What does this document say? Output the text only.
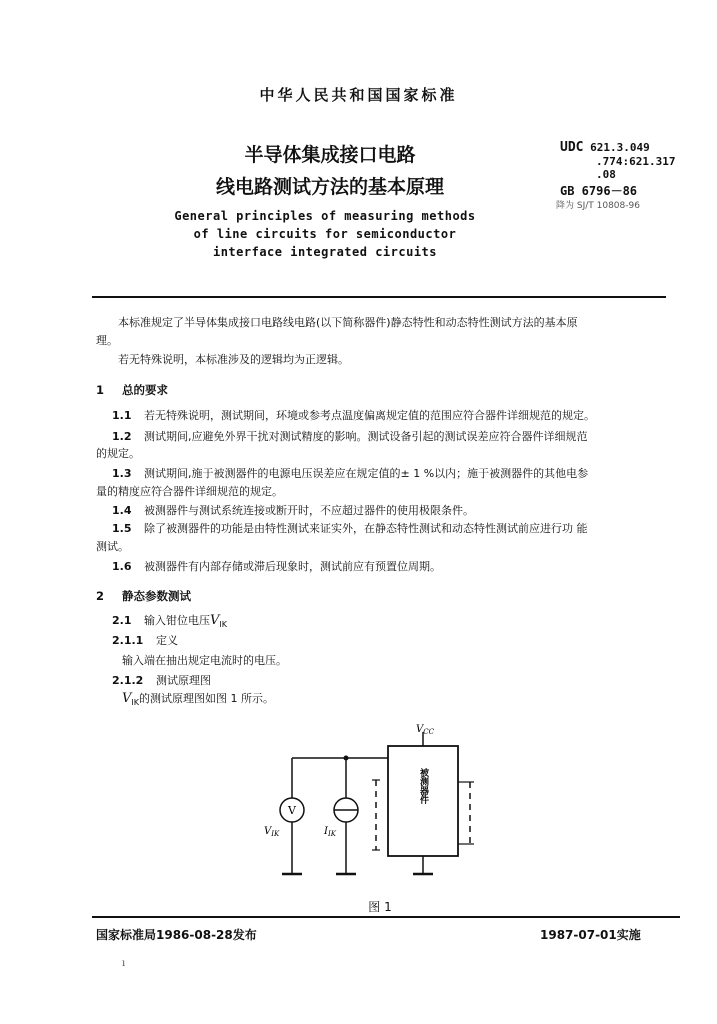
中华人民共和国国家标准
半导体集成接口电路
线电路测试方法的基本原理
General principles of measuring methods
of line circuits for semiconductor
interface integrated circuits
UDC 621.3.049
.774:621.317
.08
GB 6796－86
降为 SJ/T 10808-96
本标准规定了半导体集成接口电路线电路(以下简称器件)静态特性和动态特性测试方法的基本原
理。
若无特殊说明，本标准涉及的逻辑均为正逻辑。
1 总的要求
1.1 若无特殊说明，测试期间，环境或参考点温度偏离规定值的范围应符合器件详细规范的规定。
1.2 测试期间,应避免外界干扰对测试精度的影响。测试设备引起的测试误差应符合器件详细规范
的规定。
1.3 测试期间,施于被测器件的电源电压误差应在规定值的± 1 %以内；施于被测器件的其他电参
量的精度应符合器件详细规范的规定。
1.4 被测器件与测试系统连接或断开时，不应超过器件的使用极限条件。
1.5 除了被测器件的功能是由特性测试来证实外，在静态特性测试和动态特性测试前应进行功 能
测试。
1.6 被测器件有内部存储或滞后现象时，测试前应有预置位周期。
2 静态参数测试
2.1 输入钳位电压$V_{IK}$
2.1.1 定义
输入端在抽出规定电流时的电压。
2.1.2 测试原理图
$V_{IK}$的测试原理图如图 1 所示。
V
$V_{IK}$	$I_{IK}$
被测器件
$V_{CC}$
图 1
国家标准局1986-08-28发布	1987-07-01实施
ı
